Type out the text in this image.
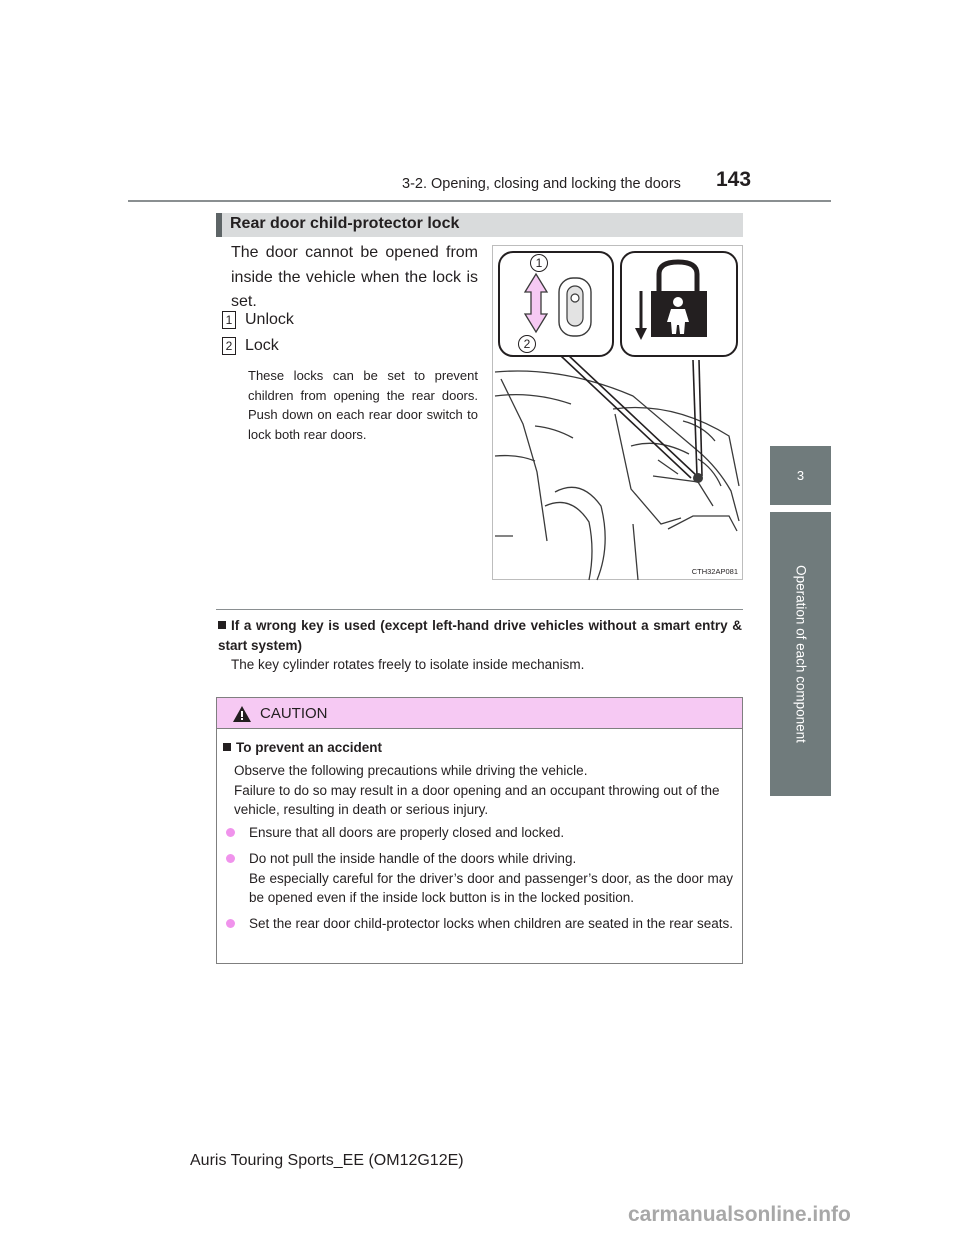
3-2. Opening, closing and locking the doors 143
3
Operation of each component
Rear door child-protector lock
The door cannot be opened from inside the vehicle when the lock is set.
1 Unlock
2 Lock
These locks can be set to prevent children from opening the rear doors. Push down on each rear door switch to lock both rear doors.
1
2
CTH32AP081
If a wrong key is used (except left-hand drive vehicles without a smart entry & start system)
The key cylinder rotates freely to isolate inside mechanism.
CAUTION
To prevent an accident
Observe the following precautions while driving the vehicle.
Failure to do so may result in a door opening and an occupant throwing out of the vehicle, resulting in death or serious injury.
Ensure that all doors are properly closed and locked.
Do not pull the inside handle of the doors while driving.
Be especially careful for the driver’s door and passenger’s door, as the door may be opened even if the inside lock button is in the locked position.
Set the rear door child-protector locks when children are seated in the rear seats.
Auris Touring Sports_EE (OM12G12E)
carmanualsonline.info
